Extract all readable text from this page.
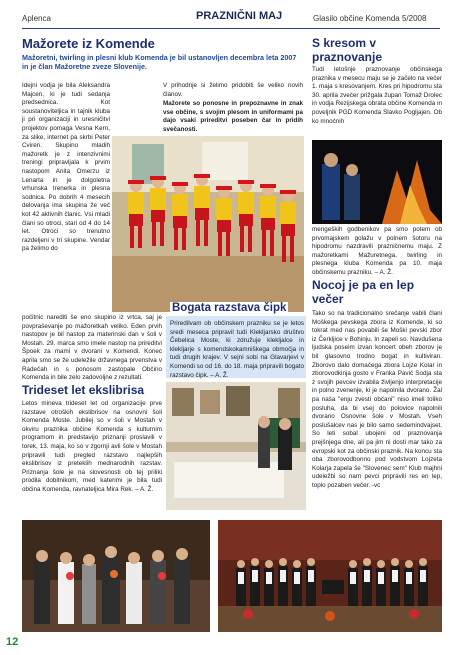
Aplenca	PRAZNIČNI MAJ	Glasilo občine Komenda 5/2008
Mažorete iz Komende
Mažoretni, twirling in plesni klub Komenda je bil ustanovljen decembra leta 2007 in je član Mažoretne zveze Slovenije.
Idejni vodja je bila Aleksandra Majcen, ki je tudi sedanja predsednica. Kot soustanoviteljica in tajnik kluba ji pri organizaciji in uresničitvi projektov pomaga Vesna Kern, za slike, internet pa skrbi Peter Cviren. Skupino mladih mažoretk je z intenzivnimi treningi pripravljala k prvim nastopom Anita Omerzu iz Lenarta in je dolgoletna vrhunska trenerka in plesna sodnica. Po dobrih 4 mesecih delovanja ima skupina že več kot 42 aktivnih članic. Vsi mladi člani so otroci, stari od 4 do 14 let. Otroci so trenutno razdeljeni v tri skupine. Vendar pa želimo do
V prihodnje si želimo pridobiti še veliko novih članov.
Mažorete so ponosne in prepoznavne in znak vse občine, s svojim plesom in uniformami pa dajo vsaki prireditvi poseben čar in pridih svečanosti.
počitnic narediti še eno skupino iz vrtca, saj je povpraševanje po mažoretkah veliko. Eden prvih nastopov je bil nastop za materinski dan v šoli v Mostah. 29. marca smo imele nastop na prireditvi Špoek za mami v dvorani v Komendi. Konec aprila smo se že udeležile državnega prvenstva v Radečah in s ponosom zastopale Občino Komenda in bile zelo zadovoljne z rezultati.
Trideset let ekslibrisa
Letos mineva trideset let od organizacije prve razstave otroških ekslibrisov na osnovni šoli Komenda Moste. Jubilej so v šoli v Mostah v okviru praznika občine Komenda s kulturnim programom in predstavijo priznanji proslavili v torek, 13. maja, ko so v zgornji avli šole v Mostah pripravili tudi pregled razstavo najlepših ekslibrisov iz preteklih mednarodnih razstav. Priznanja šole je na slovesnosti ob tej priliki prodila dobitnikom, med katerimi je bila tudi občina Komenda, ravnateljica Mira Rek. – A. Ž.
Bogata razstava čipk
Priredilvam ob občinskem prazniku se je letos sredi meseca pripravil tudi Klekljarsko društvo Čebelica Moste, ki združuje klekljalce in klekljarje s komendskokamniškega območja in tudi drugih krajev. V sejni sobi na Glavarjevi v Komendi so od 16. do 18. maja pripravili bogato razstavo čipk. – A. Ž.
S kresom v praznovanje
Tudi letošnje praznovanje občinskega praznika v mesecu maju se je začelo na večer 1. maja s kresovanjem. Kres pri hipodromu sta 30. aprila zvečer prižgala župan Tomaž Drolec in vodja Rezijskega obrata občine Komenda in poveljnik PGD Komenda Slavko Pogljajen. Ob ko mnočnih
mengeških godbenikov pa smo potem ob prvomajskem golažu v polnem šotoru na hipodromu nazdravili prazničnemu maju. Z mažoretkami Mažuretnega, twirling in plesnega kluba Komenda pa 10. maja občinskemu prazniku. – A. Ž.
Nocoj je pa en lep večer
Tako so na tradicionalno srečanje vabili člani Moškega pevskega zbora iz Komende, ki so tokrat med nas povabili še Moški pevski zbor iz Čerkljice v Bohinju. In zapeli so. Navdušena ljudska poseim izvan koncert obeh zborov je bil glasovno trodno bogat in kultiviran. Zborovo dalo domačega zbora Lojze Kolar in zborovodkinja gosto v Franka Pavič Sodja sta z svojih pevcev izvabila življenjo interpretacije in polno zvenenje, ki je napolnila dvorano. Žal pa naša "enju zvesti občani" niso imeli toliko posluha, da bi vsej do polovice napolnili dvorano Osnovne šole v Mostah. Vseh poslušalcev nas je bilo samo sedemindvajset. So leti sobal ubojeni od praznovanja prejšnjega dne, ali pa jim ni dosti mar tako za evropski kot za občinski praznik. Na koncu sta oba zborovodbonno pod vodstvom Lojzeta Kolarja zapela še "Slovenec sem" Klub majhni udeležbi so nam pevci pripravili res en lep, toplo pozaben večer. -vc
12
